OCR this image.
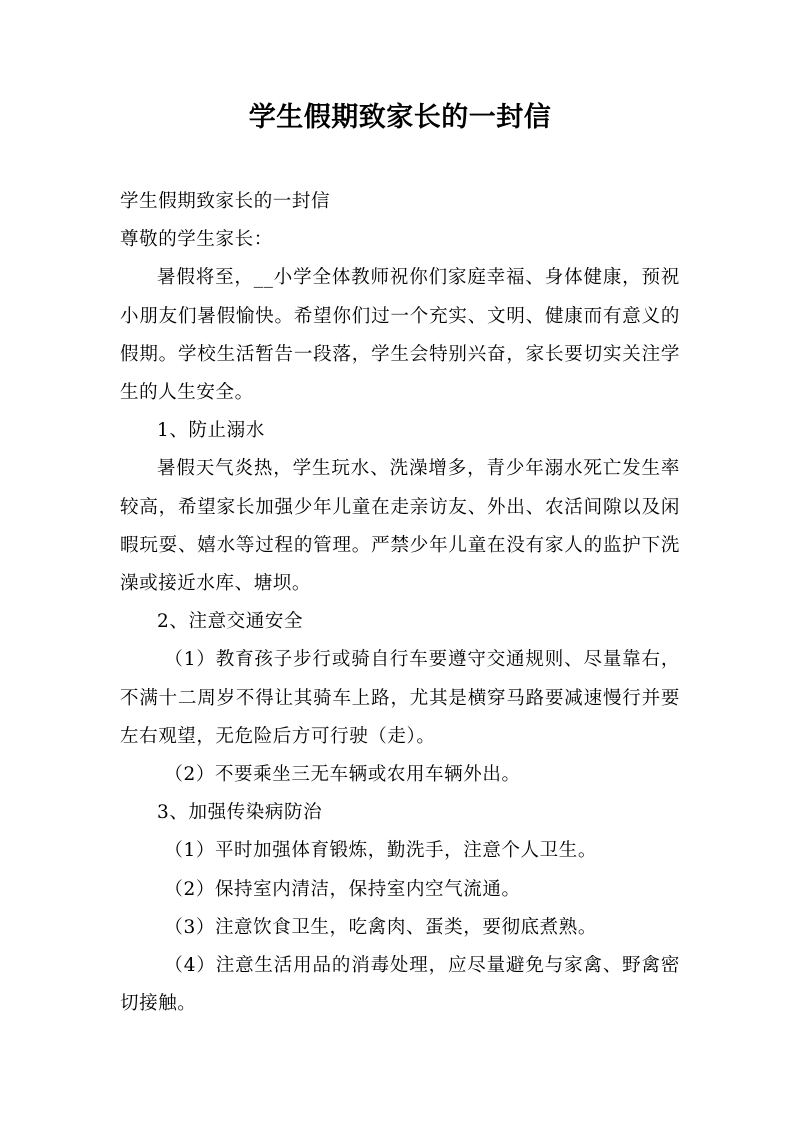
学生假期致家长的一封信

学生假期致家长的一封信

尊敬的学生家长：

暑假将至，__小学全体教师祝你们家庭幸福、身体健康，预祝小朋友们暑假愉快。希望你们过一个充实、文明、健康而有意义的假期。学校生活暂告一段落，学生会特别兴奋，家长要切实关注学生的人生安全。

1、防止溺水

暑假天气炎热，学生玩水、洗澡增多，青少年溺水死亡发生率较高，希望家长加强少年儿童在走亲访友、外出、农活间隙以及闲暇玩耍、嬉水等过程的管理。严禁少年儿童在没有家人的监护下洗澡或接近水库、塘坝。

2、注意交通安全

（1）教育孩子步行或骑自行车要遵守交通规则、尽量靠右，不满十二周岁不得让其骑车上路，尤其是横穿马路要减速慢行并要左右观望，无危险后方可行驶（走）。

（2）不要乘坐三无车辆或农用车辆外出。

3、加强传染病防治

（1）平时加强体育锻炼，勤洗手，注意个人卫生。

（2）保持室内清洁，保持室内空气流通。

（3）注意饮食卫生，吃禽肉、蛋类，要彻底煮熟。

（4）注意生活用品的消毒处理，应尽量避免与家禽、野禽密切接触。
